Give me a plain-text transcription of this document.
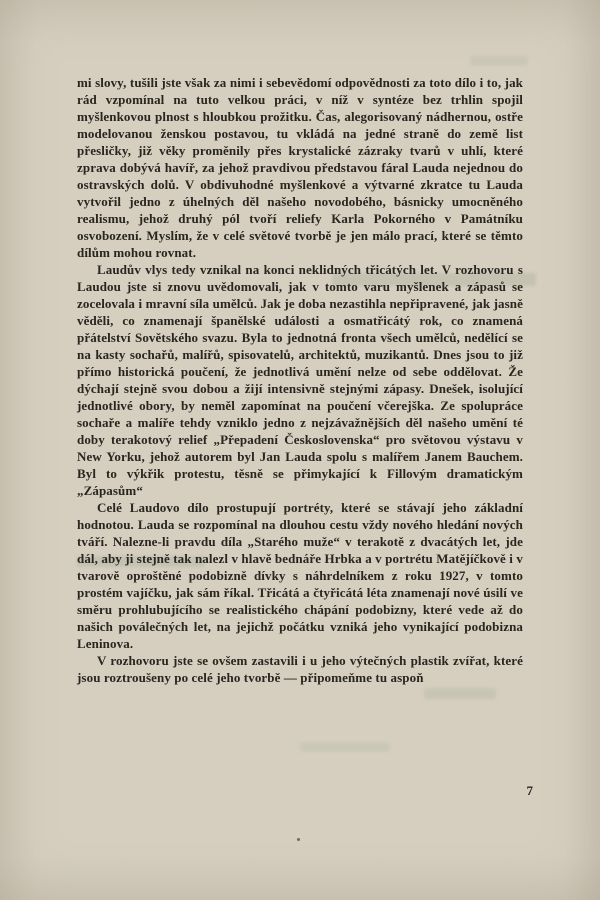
mi slovy, tušili jste však za nimi i sebevědomí odpovědnosti za toto dílo i to, jak rád vzpomínal na tuto velkou práci, v níž v syntéze bez trhlin spojil myšlenkovou plnost s hloubkou prožitku. Čas, alegorisovaný nádhernou, ostře modelovanou ženskou postavou, tu vkládá na jedné straně do země list přesličky, již věky proměnily přes krystalické zázraky tvarů v uhlí, které zprava dobývá havíř, za jehož pravdivou představou fáral Lauda nejednou do ostravských dolů. V obdivuhodné myšlenkové a výtvarné zkratce tu Lauda vytvořil jedno z úhelných děl našeho novodobého, básnicky umocněného realismu, jehož druhý pól tvoří reliefy Karla Pokorného v Památníku osvobození. Myslím, že v celé světové tvorbě je jen málo prací, které se těmto dílům mohou rovnat.

Laudův vlys tedy vznikal na konci neklidných třicátých let. V rozhovoru s Laudou jste si znovu uvědomovali, jak v tomto varu myšlenek a zápasů se zocelovala i mravní síla umělců. Jak je doba nezastihla nepřipravené, jak jasně věděli, co znamenají španělské události a osmatřicátý rok, co znamená přátelství Sovětského svazu. Byla to jednotná fronta všech umělců, nedělící se na kasty sochařů, malířů, spisovatelů, architektů, muzikantů. Dnes jsou to již přímo historická poučení, že jednotlivá umění nelze od sebe oddělovat. Že dýchají stejně svou dobou a žijí intensivně stejnými zápasy. Dnešek, isolující jednotlivé obory, by neměl zapomínat na poučení včerejška. Ze spolupráce sochaře a malíře tehdy vzniklo jedno z nejzávažnějších děl našeho umění té doby terakotový relief „Přepadení Československa“ pro světovou výstavu v New Yorku, jehož autorem byl Jan Lauda spolu s malířem Janem Bauchem. Byl to výkřik protestu, těsně se přimykající k Fillovým dramatickým „Zápasům“

Celé Laudovo dílo prostupují portréty, které se stávají jeho základní hodnotou. Lauda se rozpomínal na dlouhou cestu vždy nového hledání nových tváří. Nalezne-li pravdu díla „Starého muže“ v terakotě z dvacátých let, jde dál, aby ji stejně tak nalezl v hlavě bednáře Hrbka a v portrétu Matějíčkově i v tvarově oproštěné podobizně dívky s náhrdelníkem z roku 1927, v tomto prostém vajíčku, jak sám říkal. Třicátá a čtyřicátá léta znamenají nové úsilí ve směru prohlubujícího se realistického chápání podobizny, které vede až do našich poválečných let, na jejichž počátku vzniká jeho vynikající podobizna Leninova.

V rozhovoru jste se ovšem zastavili i u jeho výtečných plastik zvířat, které jsou roztroušeny po celé jeho tvorbě — připomeňme tu aspoň

7
